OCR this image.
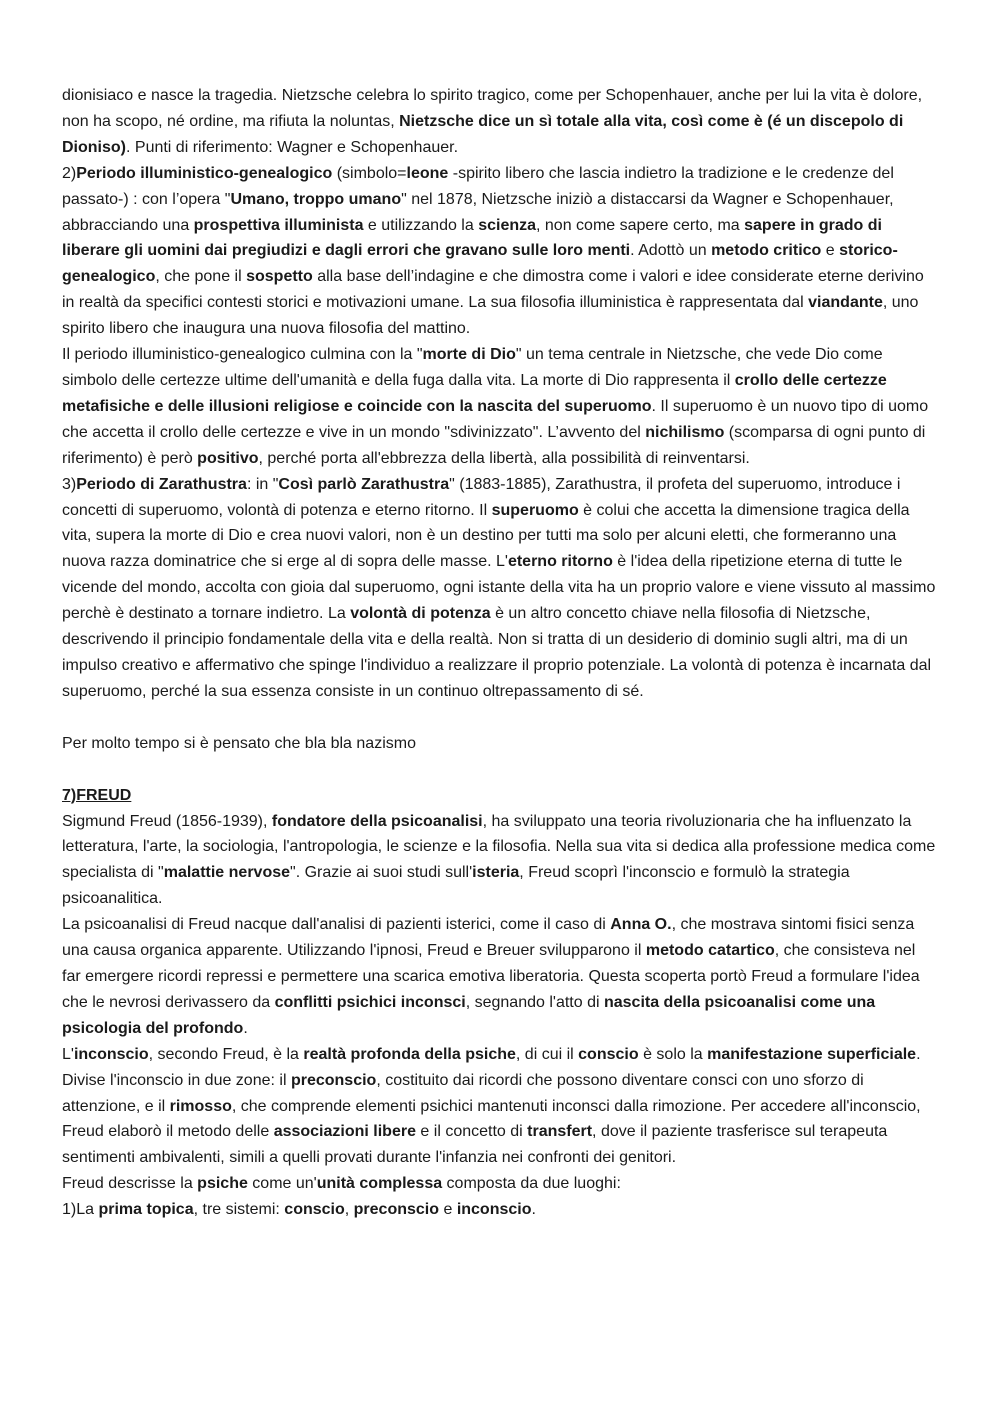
dionisiaco e nasce la tragedia. Nietzsche celebra lo spirito tragico, come per Schopenhauer, anche per lui la vita è dolore, non ha scopo, né ordine, ma rifiuta la noluntas, Nietzsche dice un sì totale alla vita, così come è (é un discepolo di Dioniso). Punti di riferimento: Wagner e Schopenhauer.

2)Periodo illuministico-genealogico (simbolo=leone -spirito libero che lascia indietro la tradizione e le credenze del passato-) : con l’opera "Umano, troppo umano" nel 1878, Nietzsche iniziò a distaccarsi da Wagner e Schopenhauer, abbracciando una prospettiva illuminista e utilizzando la scienza, non come sapere certo, ma sapere in grado di liberare gli uomini dai pregiudizi e dagli errori che gravano sulle loro menti. Adottò un metodo critico e storico-genealogico, che pone il sospetto alla base dell’indagine e che dimostra come i valori e idee considerate eterne derivino in realtà da specifici contesti storici e motivazioni umane. La sua filosofia illuministica è rappresentata dal viandante, uno spirito libero che inaugura una nuova filosofia del mattino.

Il periodo illuministico-genealogico culmina con la "morte di Dio" un tema centrale in Nietzsche, che vede Dio come simbolo delle certezze ultime dell'umanità e della fuga dalla vita. La morte di Dio rappresenta il crollo delle certezze metafisiche e delle illusioni religiose e coincide con la nascita del superuomo. Il superuomo è un nuovo tipo di uomo che accetta il crollo delle certezze e vive in un mondo "sdivinizzato". L’avvento del nichilismo (scomparsa di ogni punto di riferimento) è però positivo, perché porta all'ebbrezza della libertà, alla possibilità di reinventarsi.

3)Periodo di Zarathustra: in "Così parlò Zarathustra" (1883-1885), Zarathustra, il profeta del superuomo, introduce i concetti di superuomo, volontà di potenza e eterno ritorno. Il superuomo è colui che accetta la dimensione tragica della vita, supera la morte di Dio e crea nuovi valori, non è un destino per tutti ma solo per alcuni eletti, che formeranno una nuova razza dominatrice che si erge al di sopra delle masse. L'eterno ritorno è l'idea della ripetizione eterna di tutte le vicende del mondo, accolta con gioia dal superuomo, ogni istante della vita ha un proprio valore e viene vissuto al massimo perchè è destinato a tornare indietro. La volontà di potenza è un altro concetto chiave nella filosofia di Nietzsche, descrivendo il principio fondamentale della vita e della realtà. Non si tratta di un desiderio di dominio sugli altri, ma di un impulso creativo e affermativo che spinge l'individuo a realizzare il proprio potenziale. La volontà di potenza è incarnata dal superuomo, perché la sua essenza consiste in un continuo oltrepassamento di sé.

Per molto tempo si è pensato che bla bla nazismo

7)FREUD

Sigmund Freud (1856-1939), fondatore della psicoanalisi, ha sviluppato una teoria rivoluzionaria che ha influenzato la letteratura, l'arte, la sociologia, l'antropologia, le scienze e la filosofia. Nella sua vita si dedica alla professione medica come specialista di "malattie nervose". Grazie ai suoi studi sull'isteria, Freud scoprì l'inconscio e formulò la strategia psicoanalitica.

La psicoanalisi di Freud nacque dall'analisi di pazienti isterici, come il caso di Anna O., che mostrava sintomi fisici senza una causa organica apparente. Utilizzando l'ipnosi, Freud e Breuer svilupparono il metodo catartico, che consisteva nel far emergere ricordi repressi e permettere una scarica emotiva liberatoria. Questa scoperta portò Freud a formulare l'idea che le nevrosi derivassero da conflitti psichici inconsci, segnando l'atto di nascita della psicoanalisi come una psicologia del profondo.

L'inconscio, secondo Freud, è la realtà profonda della psiche, di cui il conscio è solo la manifestazione superficiale. Divise l'inconscio in due zone: il preconscio, costituito dai ricordi che possono diventare consci con uno sforzo di attenzione, e il rimosso, che comprende elementi psichici mantenuti inconsci dalla rimozione. Per accedere all'inconscio, Freud elaborò il metodo delle associazioni libere e il concetto di transfert, dove il paziente trasferisce sul terapeuta sentimenti ambivalenti, simili a quelli provati durante l'infanzia nei confronti dei genitori.

Freud descrisse la psiche come un'unità complessa composta da due luoghi:

1)La prima topica, tre sistemi: conscio, preconscio e inconscio.
